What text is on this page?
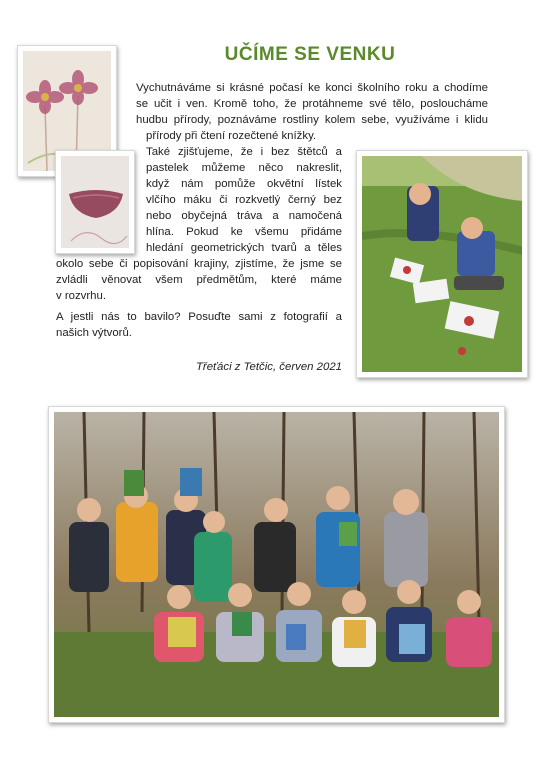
UČÍME SE VENKU
Vychutnáváme si krásné počasí ke konci školního roku a chodíme
se učit i ven. Kromě toho, že protáhneme své tělo, posloucháme
hudbu přírody, poznáváme rostliny kolem sebe, využíváme i klidu
přírody při čtení rozečtené knížky.
Také zjišťujeme, že i bez štětců a
pastelek můžeme něco nakreslit,
když nám pomůže okvětní lístek
vlčího máku či rozkvetlý černý bez
nebo obyčejná tráva a namočená
hlína. Pokud ke všemu přidáme
hledání geometrických tvarů a těles
okolo sebe či popisování krajiny, zjistíme, že jsme se
zvládli věnovat všem předmětům, které máme
v rozvrhu.
A jestli nás to bavilo? Posuďte sami z fotografií a
našich výtvorů.
Třeťáci z Tetčic, červen 2021
